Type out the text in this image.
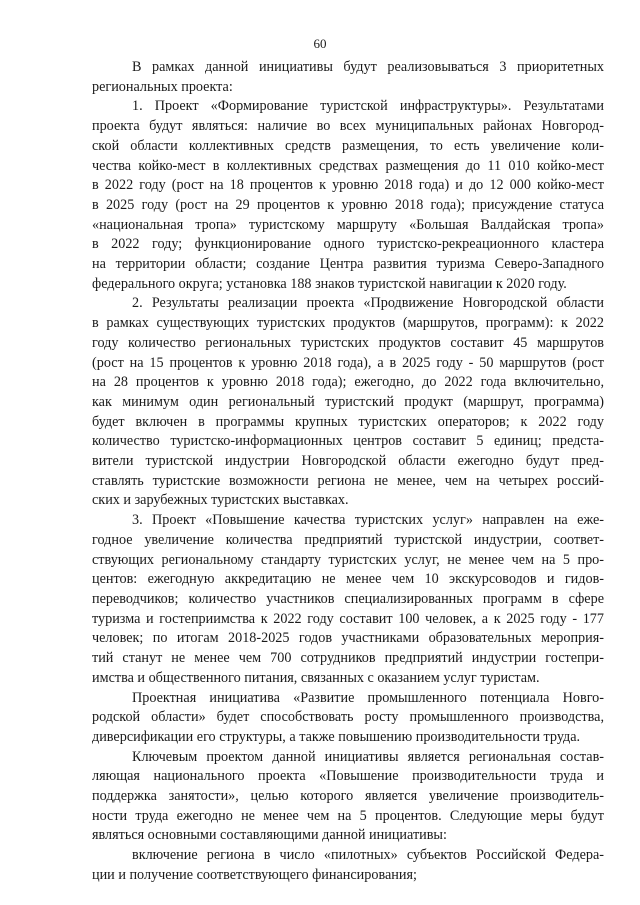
60

В рамках данной инициативы будут реализовываться 3 приоритетных
региональных проекта:

1. Проект «Формирование туристской инфраструктуры». Результатами
проекта будут являться: наличие во всех муниципальных районах Новгород-
ской области коллективных средств размещения, то есть увеличение коли-
чества койко-мест в коллективных средствах размещения до 11 010 койко-мест
в 2022 году (рост на 18 процентов к уровню 2018 года) и до 12 000 койко-мест
в 2025 году (рост на 29 процентов к уровню 2018 года); присуждение статуса
«национальная тропа» туристскому маршруту «Большая Валдайская тропа»
в 2022 году; функционирование одного туристско-рекреационного кластера
на территории области; создание Центра развития туризма Северо-Западного
федерального округа; установка 188 знаков туристской навигации к 2020 году.

2. Результаты реализации проекта «Продвижение Новгородской области
в рамках существующих туристских продуктов (маршрутов, программ): к 2022
году количество региональных туристских продуктов составит 45 маршрутов
(рост на 15 процентов к уровню 2018 года), а в 2025 году - 50 маршрутов (рост
на 28 процентов к уровню 2018 года); ежегодно, до 2022 года включительно,
как минимум один региональный туристский продукт (маршрут, программа)
будет включен в программы крупных туристских операторов; к 2022 году
количество туристско-информационных центров составит 5 единиц; предста-
вители туристской индустрии Новгородской области ежегодно будут пред-
ставлять туристские возможности региона не менее, чем на четырех россий-
ских и зарубежных туристских выставках.

3. Проект «Повышение качества туристских услуг» направлен на еже-
годное увеличение количества предприятий туристской индустрии, соответ-
ствующих региональному стандарту туристских услуг, не менее чем на 5 про-
центов: ежегодную аккредитацию не менее чем 10 экскурсоводов и гидов-
переводчиков; количество участников специализированных программ в сфере
туризма и гостеприимства к 2022 году составит 100 человек, а к 2025 году - 177
человек; по итогам 2018-2025 годов участниками образовательных мероприя-
тий станут не менее чем 700 сотрудников предприятий индустрии гостепри-
имства и общественного питания, связанных с оказанием услуг туристам.

Проектная инициатива «Развитие промышленного потенциала Новго-
родской области» будет способствовать росту промышленного производства,
диверсификации его структуры, а также повышению производительности труда.

Ключевым проектом данной инициативы является региональная состав-
ляющая национального проекта «Повышение производительности труда и
поддержка занятости», целью которого является увеличение производитель-
ности труда ежегодно не менее чем на 5 процентов. Следующие меры будут
являться основными составляющими данной инициативы:

включение региона в число «пилотных» субъектов Российской Федера-
ции и получение соответствующего финансирования;
